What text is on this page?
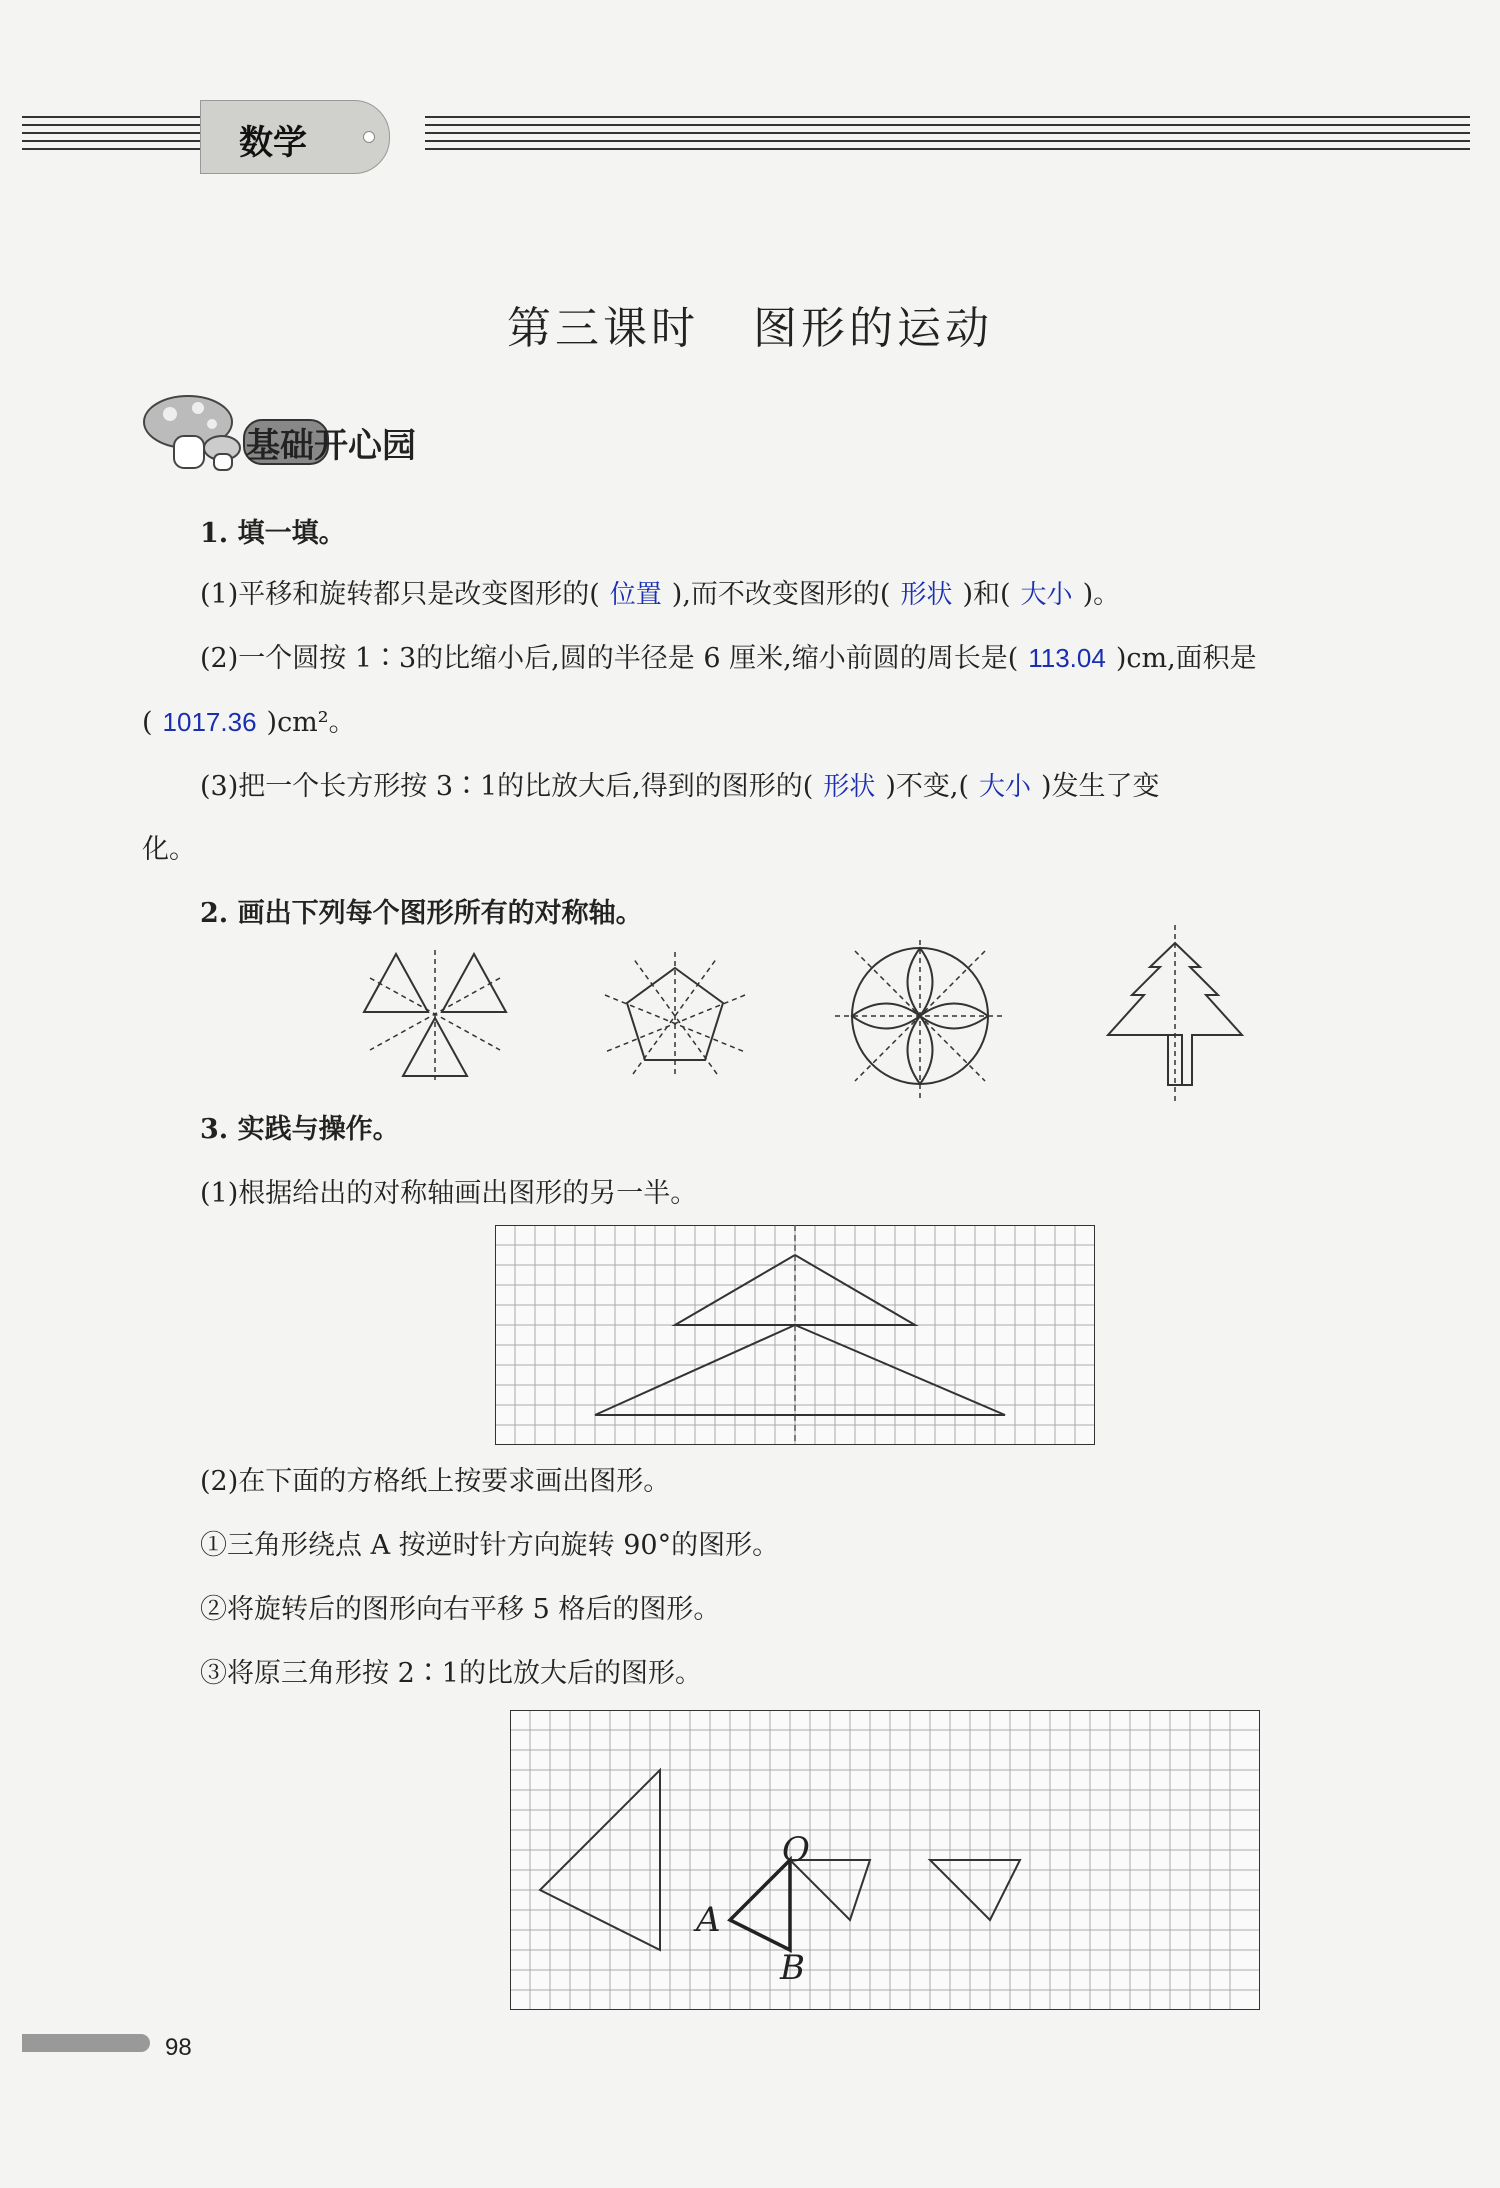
数学
第三课时 图形的运动
基础开心园
1. 填一填。
(1)平移和旋转都只是改变图形的( 位置 ),而不改变图形的( 形状 )和( 大小 )。
(2)一个圆按 1∶3的比缩小后,圆的半径是 6 厘米,缩小前圆的周长是( 113.04 )cm,面积是
( 1017.36 )cm²。
(3)把一个长方形按 3∶1的比放大后,得到的图形的( 形状 )不变,( 大小 )发生了变
化。
2. 画出下列每个图形所有的对称轴。
3. 实践与操作。
(1)根据给出的对称轴画出图形的另一半。
(2)在下面的方格纸上按要求画出图形。
①三角形绕点 A 按逆时针方向旋转 90°的图形。
②将旋转后的图形向右平移 5 格后的图形。
③将原三角形按 2∶1的比放大后的图形。
O
A
B
98
